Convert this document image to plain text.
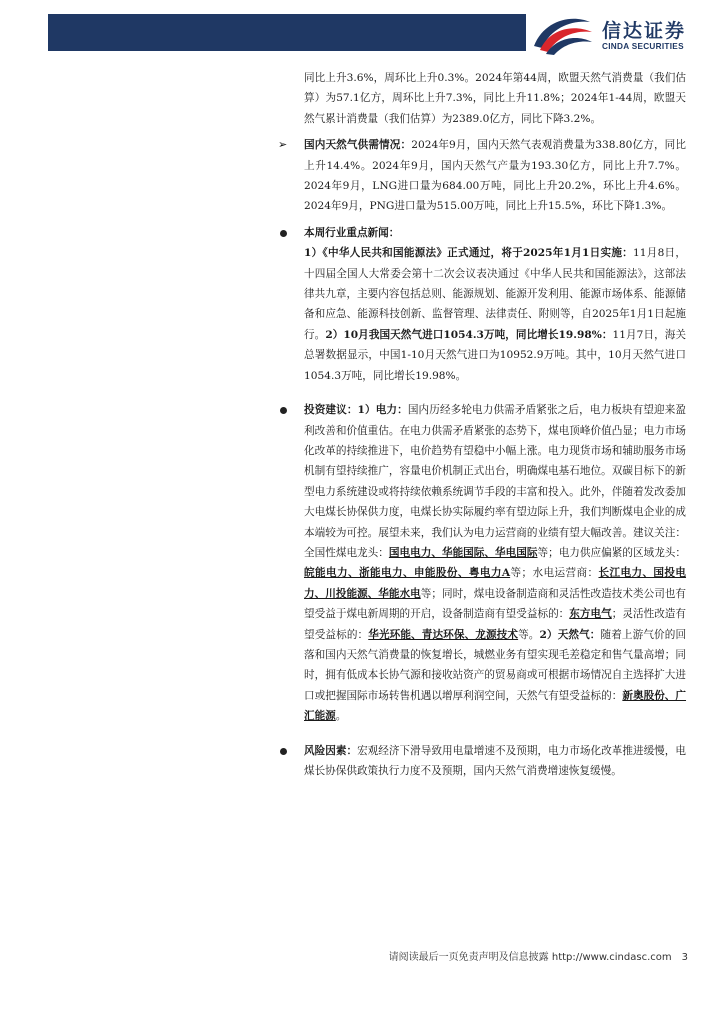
信达证券
CINDA SECURITIES
同比上升3.6%，周环比上升0.3%。2024年第44周，欧盟天然气消费量（我们估算）为57.1亿方，周环比上升7.3%，同比上升11.8%；2024年1-44周，欧盟天然气累计消费量（我们估算）为2389.0亿方，同比下降3.2%。
➢	国内天然气供需情况：2024年9月，国内天然气表观消费量为338.80亿方，同比上升14.4%。2024年9月，国内天然气产量为193.30亿方，同比上升7.7%。2024年9月，LNG进口量为684.00万吨，同比上升20.2%，环比上升4.6%。2024年9月，PNG进口量为515.00万吨，同比上升15.5%，环比下降1.3%。
本周行业重点新闻：
1）《中华人民共和国能源法》正式通过，将于2025年1月1日实施：11月8日，十四届全国人大常委会第十二次会议表决通过《中华人民共和国能源法》，这部法律共九章，主要内容包括总则、能源规划、能源开发利用、能源市场体系、能源储备和应急、能源科技创新、监督管理、法律责任、附则等，自2025年1月1日起施行。2）10月我国天然气进口1054.3万吨，同比增长19.98%：11月7日，海关总署数据显示，中国1-10月天然气进口为10952.9万吨。其中，10月天然气进口1054.3万吨，同比增长19.98%。
投资建议：1）电力：国内历经多轮电力供需矛盾紧张之后，电力板块有望迎来盈利改善和价值重估。在电力供需矛盾紧张的态势下，煤电顶峰价值凸显；电力市场化改革的持续推进下，电价趋势有望稳中小幅上涨。电力现货市场和辅助服务市场机制有望持续推广，容量电价机制正式出台，明确煤电基石地位。双碳目标下的新型电力系统建设或将持续依赖系统调节手段的丰富和投入。此外，伴随着发改委加大电煤长协保供力度，电煤长协实际履约率有望边际上升，我们判断煤电企业的成本端较为可控。展望未来，我们认为电力运营商的业绩有望大幅改善。建议关注：全国性煤电龙头：国电电力、华能国际、华电国际等；电力供应偏紧的区域龙头：皖能电力、浙能电力、申能股份、粤电力A等；水电运营商：长江电力、国投电力、川投能源、华能水电等；同时，煤电设备制造商和灵活性改造技术类公司也有望受益于煤电新周期的开启，设备制造商有望受益标的：东方电气；灵活性改造有望受益标的：华光环能、青达环保、龙源技术等。2）天然气：随着上游气价的回落和国内天然气消费量的恢复增长，城燃业务有望实现毛差稳定和售气量高增；同时，拥有低成本长协气源和接收站资产的贸易商或可根据市场情况自主选择扩大进口或把握国际市场转售机遇以增厚利润空间，天然气有望受益标的：新奥股份、广汇能源。
风险因素：宏观经济下滑导致用电量增速不及预期，电力市场化改革推进缓慢，电煤长协保供政策执行力度不及预期，国内天然气消费增速恢复缓慢。
请阅读最后一页免责声明及信息披露 http://www.cindasc.com 3
